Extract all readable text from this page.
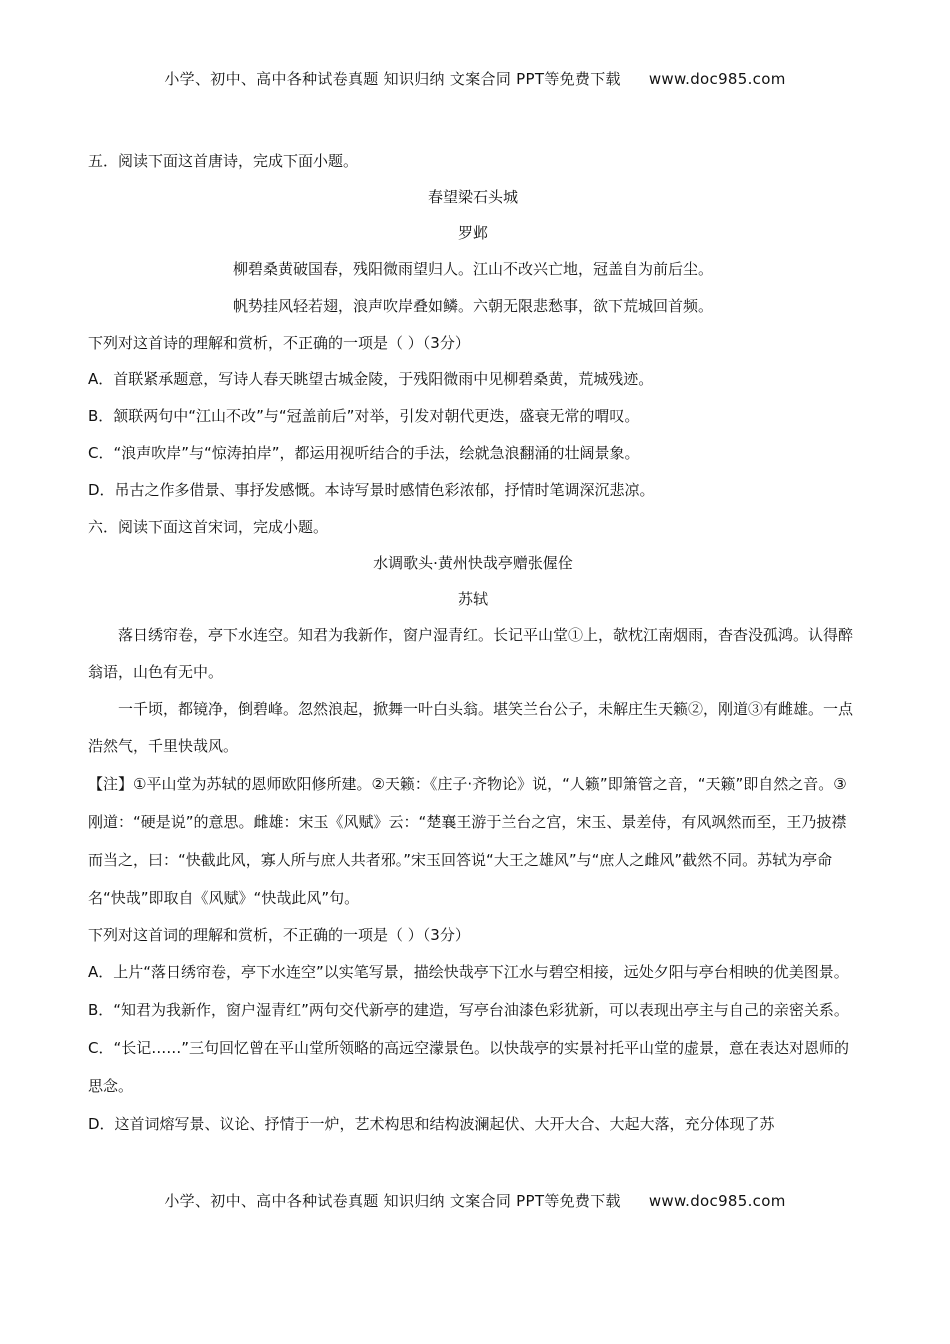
小学、初中、高中各种试卷真题 知识归纳 文案合同 PPT等免费下载 www.doc985.com

五．阅读下面这首唐诗，完成下面小题。

春望梁石头城

罗邺

柳碧桑黄破国春，残阳微雨望归人。江山不改兴亡地，冠盖自为前后尘。

帆势挂风轻若翅，浪声吹岸叠如鳞。六朝无限悲愁事，欲下荒城回首频。

下列对这首诗的理解和赏析，不正确的一项是（ ）（3分）

A．首联紧承题意，写诗人春天眺望古城金陵，于残阳微雨中见柳碧桑黄，荒城残迹。

B．颔联两句中“江山不改”与“冠盖前后”对举，引发对朝代更迭，盛衰无常的喟叹。

C．“浪声吹岸”与“惊涛拍岸”，都运用视听结合的手法，绘就急浪翻涌的壮阔景象。

D．吊古之作多借景、事抒发感慨。本诗写景时感情色彩浓郁，抒情时笔调深沉悲凉。

六．阅读下面这首宋词，完成小题。

水调歌头·黄州快哉亭赠张偓佺

苏轼

落日绣帘卷，亭下水连空。知君为我新作，窗户湿青红。长记平山堂①上，欹枕江南烟雨，杳杳没孤鸿。认得醉翁语，山色有无中。

一千顷，都镜净，倒碧峰。忽然浪起，掀舞一叶白头翁。堪笑兰台公子，未解庄生天籁②，刚道③有雌雄。一点浩然气，千里快哉风。

【注】①平山堂为苏轼的恩师欧阳修所建。②天籁：《庄子·齐物论》说，“人籁”即箫管之音，“天籁”即自然之音。③刚道：“硬是说”的意思。雌雄：宋玉《风赋》云：“楚襄王游于兰台之宫，宋玉、景差侍，有风飒然而至，王乃披襟而当之，曰：“快截此风，寡人所与庶人共者邪。”宋玉回答说“大王之雄风”与“庶人之雌风”截然不同。苏轼为亭命名“快哉”即取自《风赋》“快哉此风”句。

下列对这首词的理解和赏析，不正确的一项是（ ）（3分）

A．上片“落日绣帘卷，亭下水连空”以实笔写景，描绘快哉亭下江水与碧空相接，远处夕阳与亭台相映的优美图景。

B．“知君为我新作，窗户湿青红”两句交代新亭的建造，写亭台油漆色彩犹新，可以表现出亭主与自己的亲密关系。

C．“长记……”三句回忆曾在平山堂所领略的高远空濛景色。以快哉亭的实景衬托平山堂的虚景，意在表达对恩师的思念。

D．这首词熔写景、议论、抒情于一炉，艺术构思和结构波澜起伏、大开大合、大起大落，充分体现了苏

小学、初中、高中各种试卷真题 知识归纳 文案合同 PPT等免费下载 www.doc985.com
